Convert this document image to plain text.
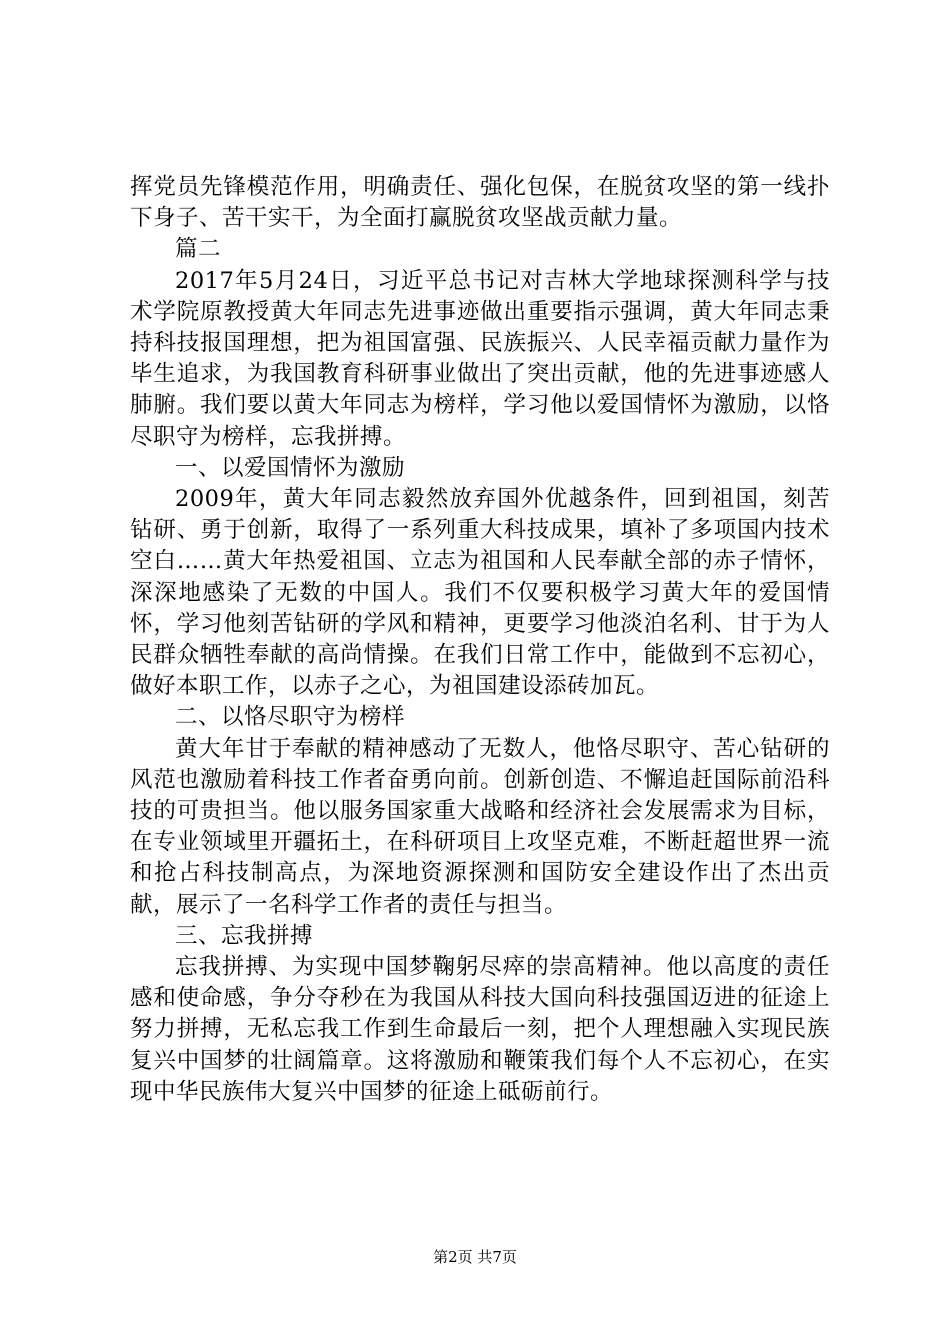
挥党员先锋模范作用，明确责任、强化包保，在脱贫攻坚的第一线扑下身子、苦干实干，为全面打赢脱贫攻坚战贡献力量。

篇二

2017年5月24日，习近平总书记对吉林大学地球探测科学与技术学院原教授黄大年同志先进事迹做出重要指示强调，黄大年同志秉持科技报国理想，把为祖国富强、民族振兴、人民幸福贡献力量作为毕生追求，为我国教育科研事业做出了突出贡献，他的先进事迹感人肺腑。我们要以黄大年同志为榜样，学习他以爱国情怀为激励，以恪尽职守为榜样，忘我拼搏。

一、以爱国情怀为激励

2009年，黄大年同志毅然放弃国外优越条件，回到祖国，刻苦钻研、勇于创新，取得了一系列重大科技成果，填补了多项国内技术空白……黄大年热爱祖国、立志为祖国和人民奉献全部的赤子情怀，深深地感染了无数的中国人。我们不仅要积极学习黄大年的爱国情怀，学习他刻苦钻研的学风和精神，更要学习他淡泊名利、甘于为人民群众牺牲奉献的高尚情操。在我们日常工作中，能做到不忘初心，做好本职工作，以赤子之心，为祖国建设添砖加瓦。

二、以恪尽职守为榜样

黄大年甘于奉献的精神感动了无数人，他恪尽职守、苦心钻研的风范也激励着科技工作者奋勇向前。创新创造、不懈追赶国际前沿科技的可贵担当。他以服务国家重大战略和经济社会发展需求为目标，在专业领域里开疆拓土，在科研项目上攻坚克难，不断赶超世界一流和抢占科技制高点，为深地资源探测和国防安全建设作出了杰出贡献，展示了一名科学工作者的责任与担当。

三、忘我拼搏

忘我拼搏、为实现中国梦鞠躬尽瘁的崇高精神。他以高度的责任感和使命感，争分夺秒在为我国从科技大国向科技强国迈进的征途上努力拼搏，无私忘我工作到生命最后一刻，把个人理想融入实现民族复兴中国梦的壮阔篇章。这将激励和鞭策我们每个人不忘初心，在实现中华民族伟大复兴中国梦的征途上砥砺前行。

第2页 共7页
